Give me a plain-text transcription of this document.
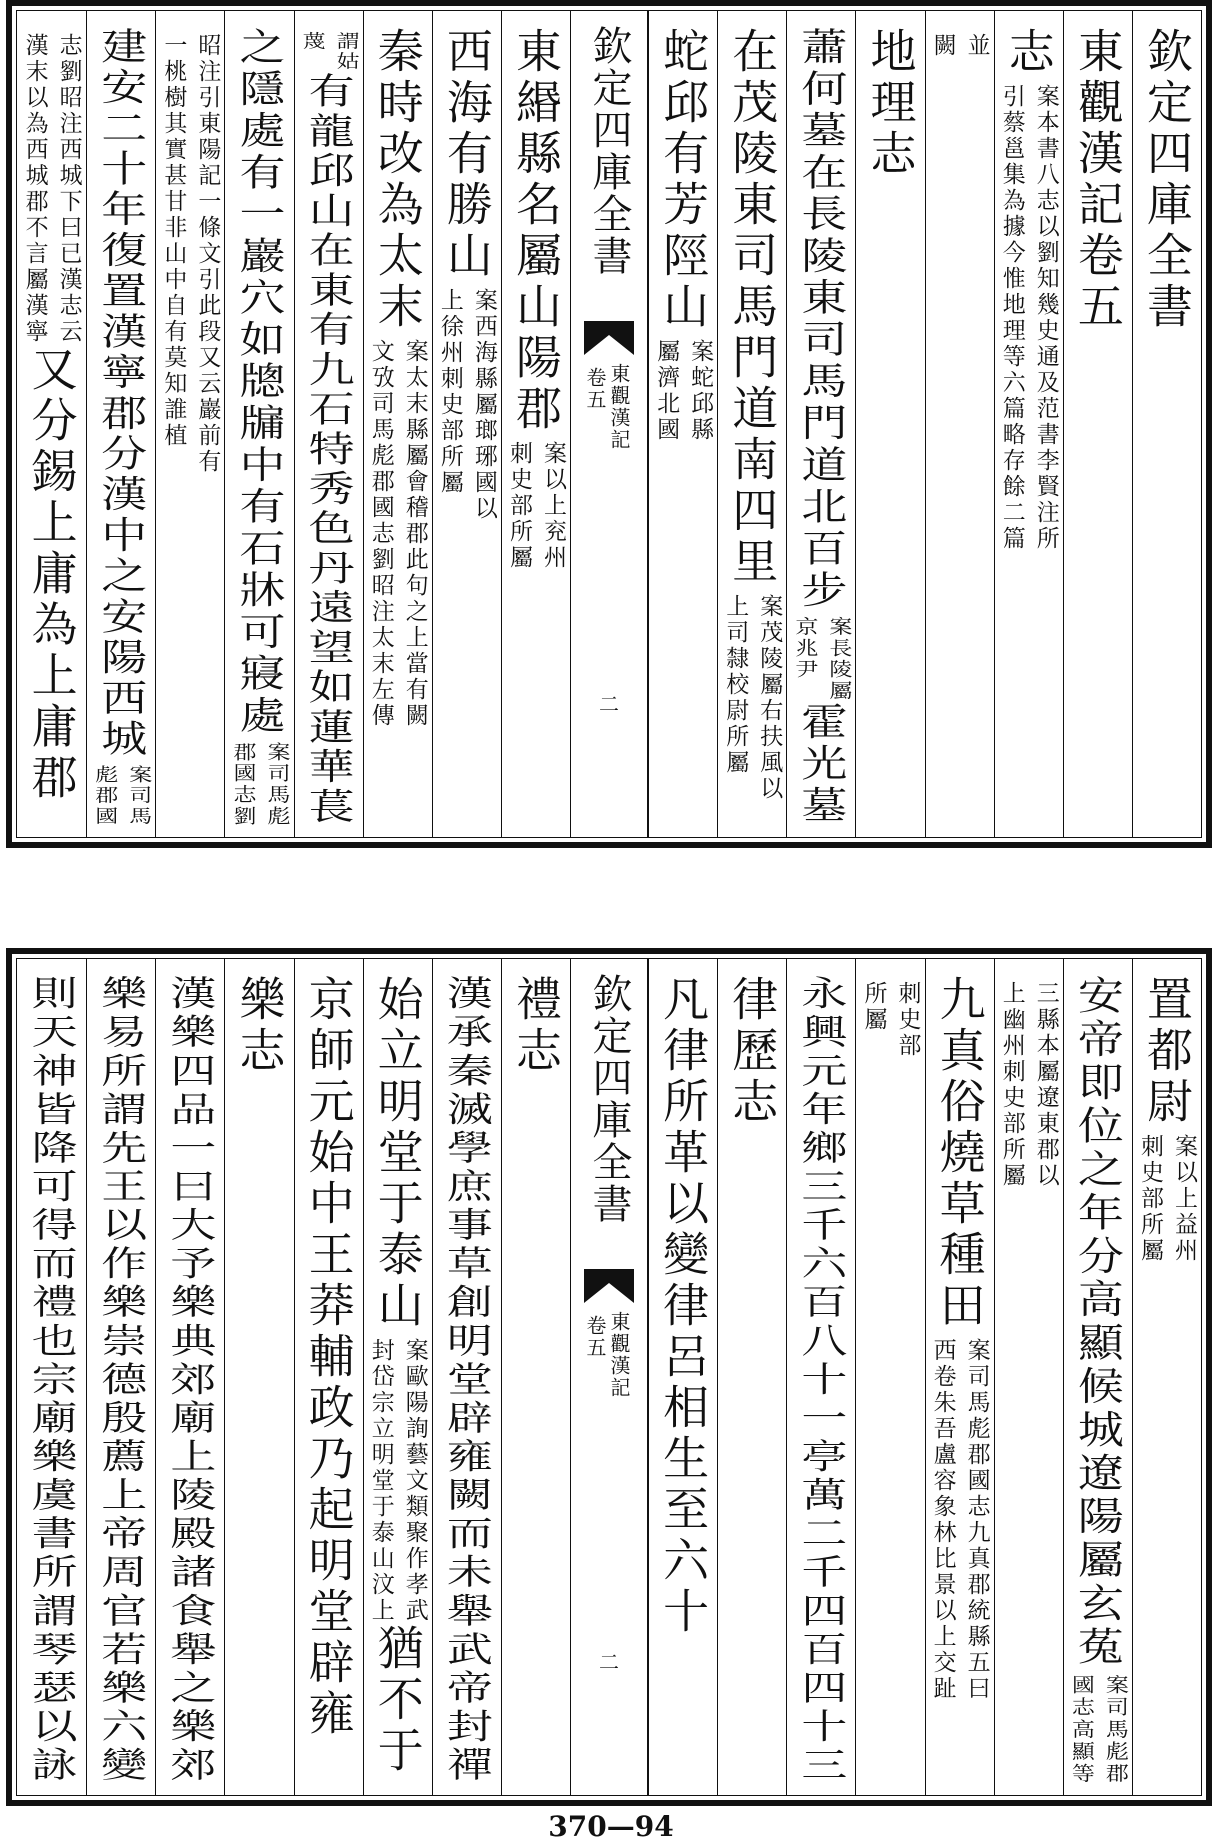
欽定四庫全書
東觀漢記卷五
志
案本書八志以劉知幾史通及范書李賢注所
引蔡邕集為據今惟地理等六篇略存餘二篇
並
闕
地理志
蕭何墓在長陵東司馬門道北百步
案長陵屬
京兆尹
霍光墓
在茂陵東司馬門道南四里
案茂陵屬右扶風以
上司隸校尉所屬
蛇邱有芳陘山
案蛇邱縣
屬濟北國
欽定四庫全書
東觀漢記
卷五
二
東緡縣名屬山陽郡
案以上兖州
刺史部所屬
西海有勝山
案西海縣屬瑯琊國以
上徐州刺史部所屬
秦時改為太末
案太末縣屬會稽郡此句之上當有闕
文攷司馬彪郡國志劉昭注太末左傳
謂姑
蔑
有龍邱山在東有九石特秀色丹遠望如蓮華萇
之隱處有一巖穴如牕牖中有石牀可寢處
案司馬彪
郡國志劉
昭注引東陽記一條文引此段又云巖前有
一桃樹其實甚甘非山中自有莫知誰植
建安二十年復置漢寧郡分漢中之安陽西城
案司馬
彪郡國
志劉昭注西城下曰已漢志云
漢末以為西城郡不言屬漢寧
又分錫上庸為上庸郡
置都尉
案以上益州
刺史部所屬
安帝即位之年分高顯候城遼陽屬玄菟
案司馬彪郡
國志高顯等
三縣本屬遼東郡以
上幽州刺史部所屬
九真俗燒草種田
案司馬彪郡國志九真郡統縣五曰
西卷朱吾盧容象林比景以上交趾
刺史部
所屬
永興元年鄉三千六百八十一亭萬二千四百四十三
律歷志
凡律所革以變律呂相生至六十
欽定四庫全書
東觀漢記
卷五
二
禮志
漢承秦滅學庶事草創明堂辟雍闕而未舉武帝封禪
始立明堂于泰山
案歐陽詢藝文類聚作孝武
封岱宗立明堂于泰山汶上
猶不于
京師元始中王莽輔政乃起明堂辟雍
樂志
漢樂四品一曰大予樂典郊廟上陵殿諸食舉之樂郊
樂易所謂先王以作樂崇德殷薦上帝周官若樂六變
則天神皆降可得而禮也宗廟樂虞書所謂琴瑟以詠
370—94
